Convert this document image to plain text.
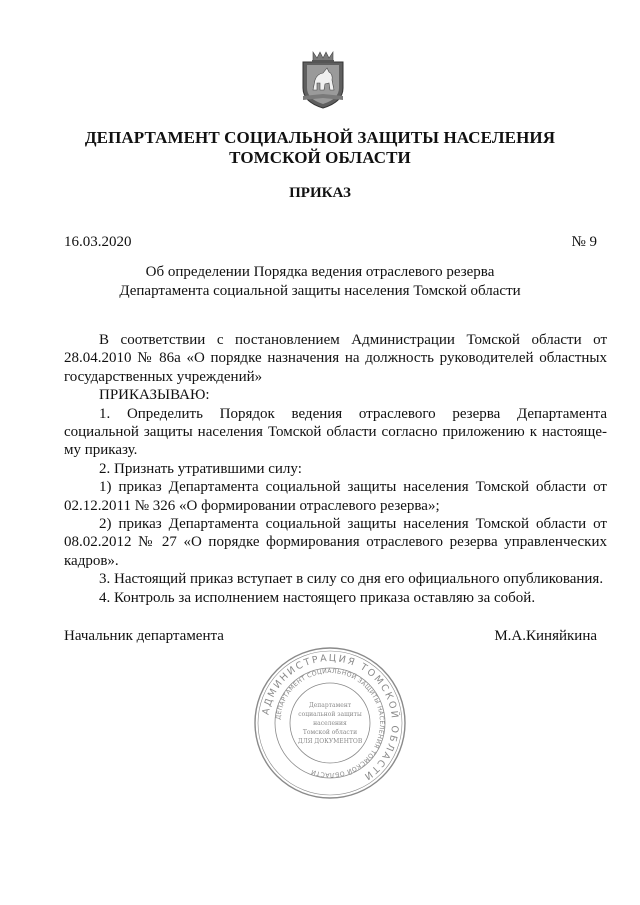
ДЕПАРТАМЕНТ СОЦИАЛЬНОЙ ЗАЩИТЫ НАСЕЛЕНИЯ
ТОМСКОЙ ОБЛАСТИ
ПРИКАЗ
16.03.2020	№ 9
Об определении Порядка ведения отраслевого резерва
Департамента социальной защиты населения Томской области

В соответствии с постановлением Администрации Томской области от 28.04.2010 № 86а «О порядке назначения на должность руководителей областных государственных учреждений»

ПРИКАЗЫВАЮ:

1. Определить Порядок ведения отраслевого резерва Департамента социальной защиты населения Томской области согласно приложению к настояще-му приказу.

2. Признать утратившими силу:

1) приказ Департамента социальной защиты населения Томской области от 02.12.2011 № 326 «О формировании отраслевого резерва»;

2) приказ Департамента социальной защиты населения Томской области от 08.02.2012 № 27 «О порядке формирования отраслевого резерва управленческих кадров».

3. Настоящий приказ вступает в силу со дня его официального опубликования.

4. Контроль за исполнением настоящего приказа оставляю за собой.

Начальник департамента	М.А.Киняйкина
АДМИНИСТРАЦИЯ ТОМСКОЙ ОБЛАСТИ
ДЕПАРТАМЕНТ СОЦИАЛЬНОЙ ЗАЩИТЫ НАСЕЛЕНИЯ ТОМСКОЙ ОБЛАСТИ
Департамент
социальной защиты
населения
Томской области
ДЛЯ ДОКУМЕНТОВ
